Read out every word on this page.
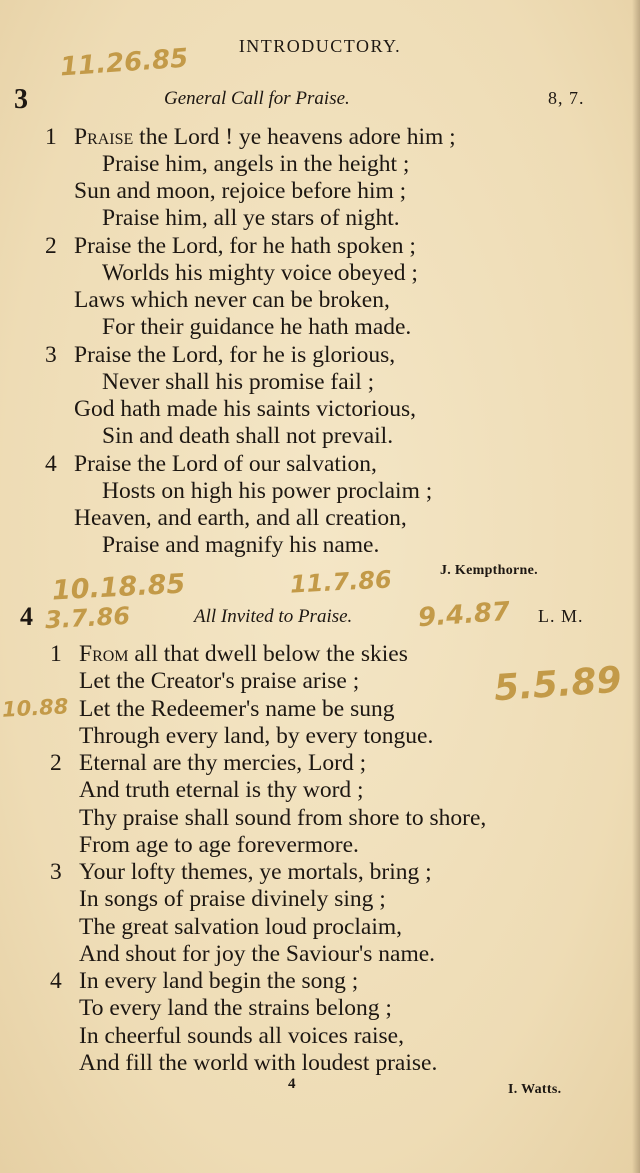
INTRODUCTORY.
11.26.85
10.18.85	11.7.86
3.7.86	9.4.87
10.88	5.5.89
3	General Call for Praise.	8, 7.
1 Praise the Lord ! ye heavens adore him ;
Praise him, angels in the height ;
Sun and moon, rejoice before him ;
Praise him, all ye stars of night.
2 Praise the Lord, for he hath spoken ;
Worlds his mighty voice obeyed ;
Laws which never can be broken,
For their guidance he hath made.
3 Praise the Lord, for he is glorious,
Never shall his promise fail ;
God hath made his saints victorious,
Sin and death shall not prevail.
4 Praise the Lord of our salvation,
Hosts on high his power proclaim ;
Heaven, and earth, and all creation,
Praise and magnify his name.
J. Kempthorne.
4	All Invited to Praise.	L. M.
1 From all that dwell below the skies
Let the Creator's praise arise ;
Let the Redeemer's name be sung
Through every land, by every tongue.
2 Eternal are thy mercies, Lord ;
And truth eternal is thy word ;
Thy praise shall sound from shore to shore,
From age to age forevermore.
3 Your lofty themes, ye mortals, bring ;
In songs of praise divinely sing ;
The great salvation loud proclaim,
And shout for joy the Saviour's name.
4 In every land begin the song ;
To every land the strains belong ;
In cheerful sounds all voices raise,
And fill the world with loudest praise.
4	I. Watts.
